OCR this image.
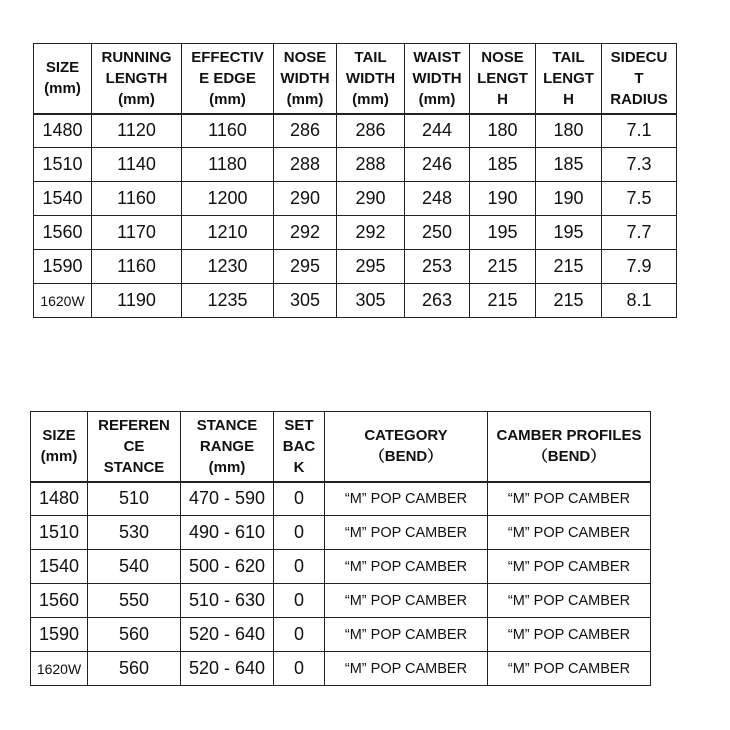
SIZE
(mm)	RUNNING
LENGTH
(mm)	EFFECTIV
E EDGE
(mm)	NOSE
WIDTH
(mm)	TAIL
WIDTH
(mm)	WAIST
WIDTH
(mm)	NOSE
LENGT
H	TAIL
LENGT
H	SIDECU
T
RADIUS

1480	1120	1160	286	286	244	180	180	7.1
1510	1140	1180	288	288	246	185	185	7.3
1540	1160	1200	290	290	248	190	190	7.5
1560	1170	1210	292	292	250	195	195	7.7
1590	1160	1230	295	295	253	215	215	7.9
1620W	1190	1235	305	305	263	215	215	8.1
SIZE
(mm)	REFEREN
CE
STANCE	STANCE
RANGE
(mm)	SET
BAC
K	CATEGORY
（BEND）	CAMBER PROFILES
（BEND）

1480	510	470 - 590	0	“M” POP CAMBER	“M” POP CAMBER
1510	530	490 - 610	0	“M” POP CAMBER	“M” POP CAMBER
1540	540	500 - 620	0	“M” POP CAMBER	“M” POP CAMBER
1560	550	510 - 630	0	“M” POP CAMBER	“M” POP CAMBER
1590	560	520 - 640	0	“M” POP CAMBER	“M” POP CAMBER
1620W	560	520 - 640	0	“M” POP CAMBER	“M” POP CAMBER
